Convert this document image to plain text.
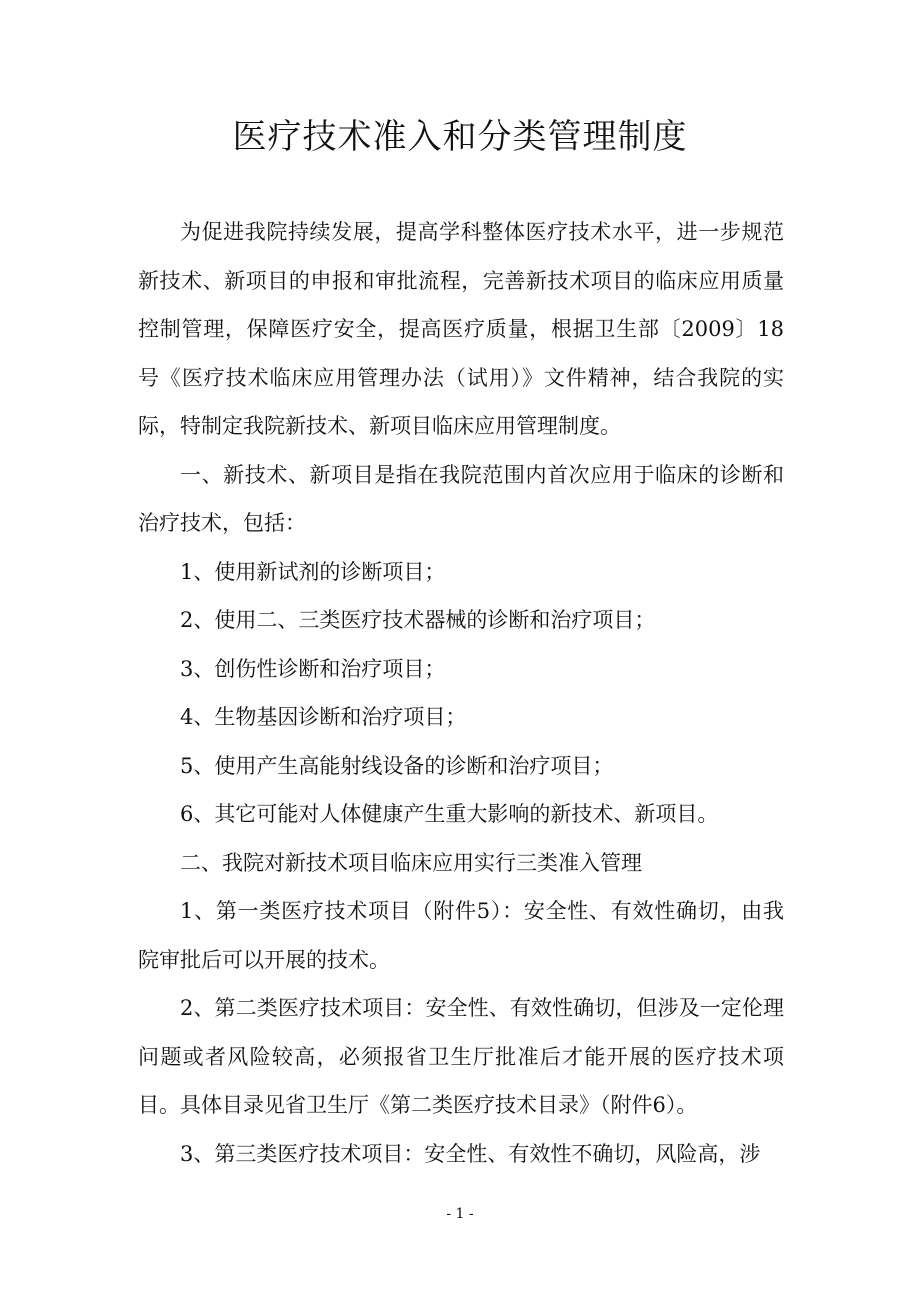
医疗技术准入和分类管理制度

为促进我院持续发展，提高学科整体医疗技术水平，进一步规范新技术、新项目的申报和审批流程，完善新技术项目的临床应用质量控制管理，保障医疗安全，提高医疗质量，根据卫生部〔2009〕18号《医疗技术临床应用管理办法（试用）》文件精神，结合我院的实际，特制定我院新技术、新项目临床应用管理制度。

一、新技术、新项目是指在我院范围内首次应用于临床的诊断和治疗技术，包括：

1、使用新试剂的诊断项目；

2、使用二、三类医疗技术器械的诊断和治疗项目；

3、创伤性诊断和治疗项目；

4、生物基因诊断和治疗项目；

5、使用产生高能射线设备的诊断和治疗项目；

6、其它可能对人体健康产生重大影响的新技术、新项目。

二、我院对新技术项目临床应用实行三类准入管理

1、第一类医疗技术项目（附件5）：安全性、有效性确切，由我院审批后可以开展的技术。

2、第二类医疗技术项目：安全性、有效性确切，但涉及一定伦理问题或者风险较高，必须报省卫生厅批准后才能开展的医疗技术项目。具体目录见省卫生厅《第二类医疗技术目录》（附件6）。

3、第三类医疗技术项目：安全性、有效性不确切，风险高，涉

- 1 -
